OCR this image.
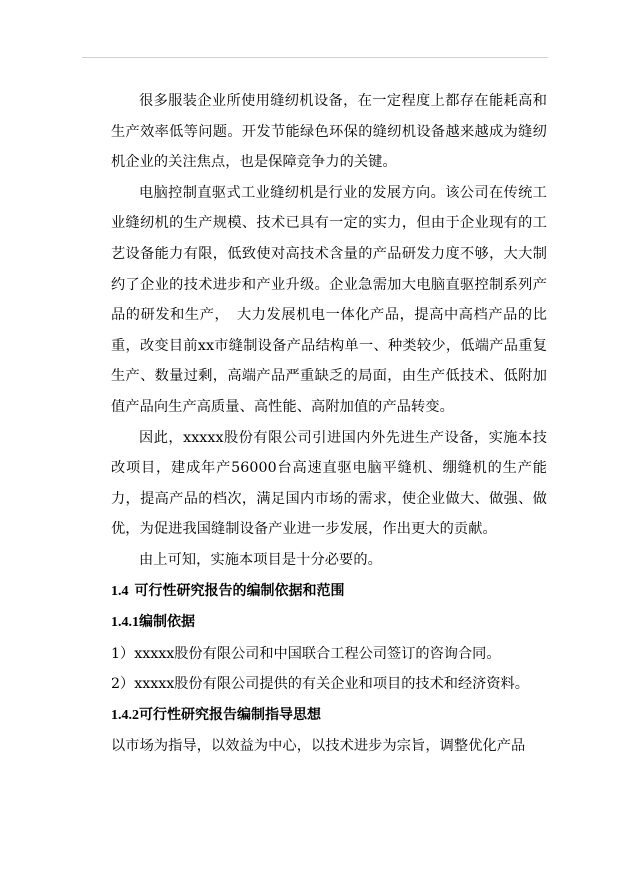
很多服装企业所使用缝纫机设备，在一定程度上都存在能耗高和生产效率低等问题。开发节能绿色环保的缝纫机设备越来越成为缝纫机企业的关注焦点，也是保障竞争力的关键。

电脑控制直驱式工业缝纫机是行业的发展方向。该公司在传统工业缝纫机的生产规模、技术已具有一定的实力，但由于企业现有的工艺设备能力有限，低致使对高技术含量的产品研发力度不够，大大制约了企业的技术进步和产业升级。企业急需加大电脑直驱控制系列产品的研发和生产，　大力发展机电一体化产品，提高中高档产品的比重，改变目前xx市缝制设备产品结构单一、种类较少，低端产品重复生产、数量过剩，高端产品严重缺乏的局面，由生产低技术、低附加值产品向生产高质量、高性能、高附加值的产品转变。

因此，xxxxx股份有限公司引进国内外先进生产设备，实施本技改项目，建成年产56000台高速直驱电脑平缝机、绷缝机的生产能力，提高产品的档次，满足国内市场的需求，使企业做大、做强、做优，为促进我国缝制设备产业进一步发展，作出更大的贡献。

由上可知，实施本项目是十分必要的。

1.4 可行性研究报告的编制依据和范围

1.4.1编制依据

1）xxxxx股份有限公司和中国联合工程公司签订的咨询合同。

2）xxxxx股份有限公司提供的有关企业和项目的技术和经济资料。

1.4.2可行性研究报告编制指导思想

以市场为指导，以效益为中心，以技术进步为宗旨，调整优化产品
